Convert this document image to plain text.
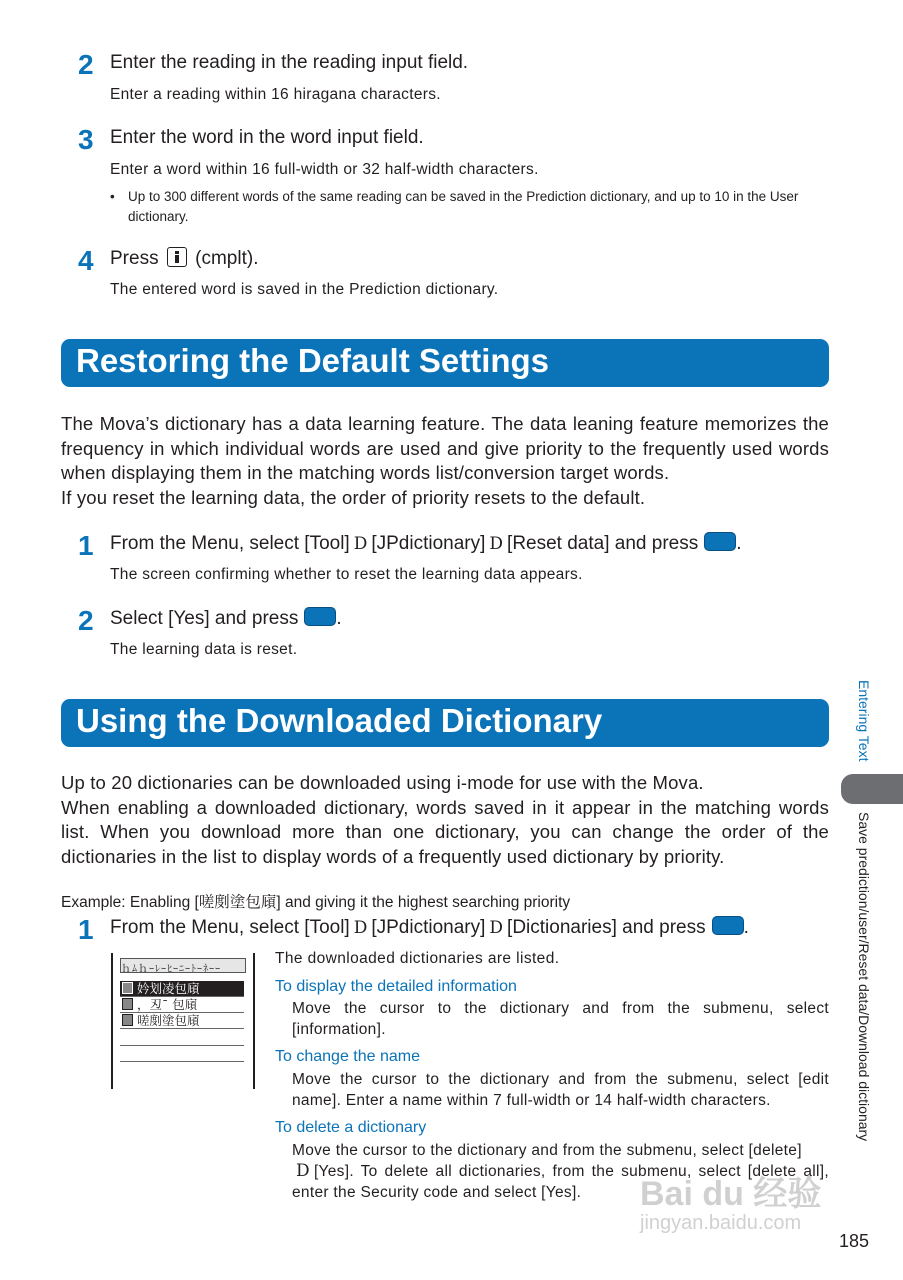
2 Enter the reading in the reading input field.
Enter a reading within 16 hiragana characters.
3 Enter the word in the word input field.
Enter a word within 16 full-width or 32 half-width characters.
• Up to 300 different words of the same reading can be saved in the Prediction dictionary, and up to 10 in the User dictionary.
4 Press (cmplt).
The entered word is saved in the Prediction dictionary.
Restoring the Default Settings

The Mova’s dictionary has a data learning feature. The data leaning feature memorizes the frequency in which individual words are used and give priority to the frequently used words when displaying them in the matching words list/conversion target words.

If you reset the learning data, the order of priority resets to the default.

1 From the Menu, select [Tool] D [JPdictionary] D [Reset data] and press .
The screen confirming whether to reset the learning data appears.
2 Select [Yes] and press .
The learning data is reset.
Using the Downloaded Dictionary

Up to 20 dictionaries can be downloaded using i-mode for use with the Mova.

When enabling a downloaded dictionary, words saved in it appear in the matching words list. When you download more than one dictionary, you can change the order of the dictionaries in the list to display words of a frequently used dictionary by priority.

Example: Enabling [嗟剫塗包廎] and giving it the highest searching priority
1 From the Menu, select [Tool] D [JPdictionary] D [Dictionaries] and press .
ｈﾑｈｰﾚｰﾋｰﾆｰﾄｰﾈｰｰ
妗划凌包廎
，丒¯ 包廎
嗟剫塗包廎
The downloaded dictionaries are listed.
To display the detailed information

Move the cursor to the dictionary and from the submenu, select [information].

To change the name

Move the cursor to the dictionary and from the submenu, select [edit name]. Enter a name within 7 full-width or 14 half-width characters.

To delete a dictionary

Move the cursor to the dictionary and from the submenu, select [delete]
D [Yes]. To delete all dictionaries, from the submenu, select [delete all], enter the Security code and select [Yes].

Entering Text
Save prediction/user/Reset data/Download dictionary
Bai du 经验
jingyan.baidu.com
185
